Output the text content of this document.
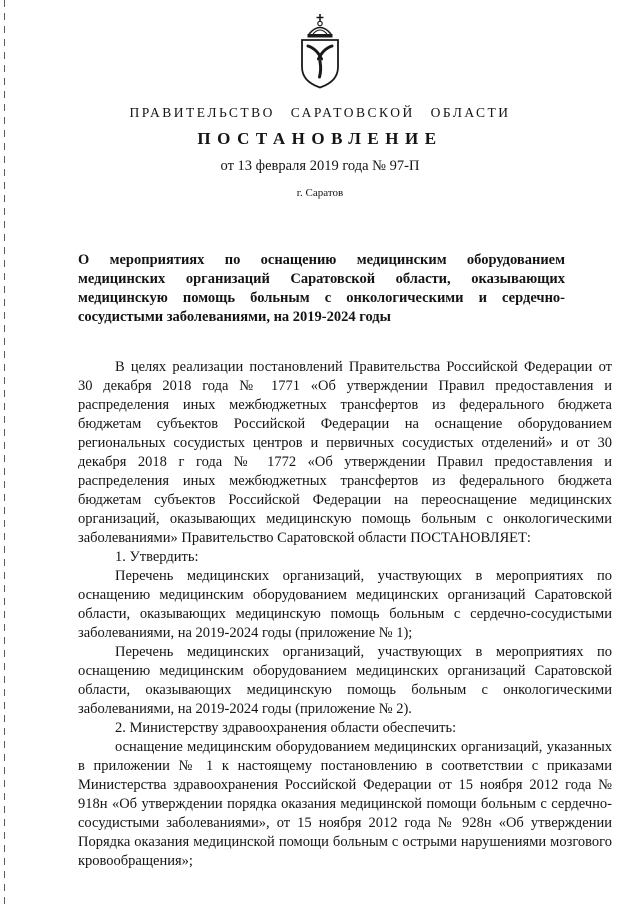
ПРАВИТЕЛЬСТВО САРАТОВСКОЙ ОБЛАСТИ
ПОСТАНОВЛЕНИЕ
от 13 февраля 2019 года № 97-П
г. Саратов
О мероприятиях по оснащению медицинским оборудованием медицинских организаций Саратовской области, оказывающих медицинскую помощь больным с онкологическими и сердечно-сосудистыми заболеваниями, на 2019-2024 годы

В целях реализации постановлений Правительства Российской Федерации от 30 декабря 2018 года № 1771 «Об утверждении Правил предоставления и распределения иных межбюджетных трансфертов из федерального бюджета бюджетам субъектов Российской Федерации на оснащение оборудованием региональных сосудистых центров и первичных сосудистых отделений» и от 30 декабря 2018 г года № 1772 «Об утверждении Правил предоставления и распределения иных межбюджетных трансфертов из федерального бюджета бюджетам субъектов Российской Федерации на переоснащение медицинских организаций, оказывающих медицинскую помощь больным с онкологическими заболеваниями» Правительство Саратовской области ПОСТАНОВЛЯЕТ:

1. Утвердить:

Перечень медицинских организаций, участвующих в мероприятиях по оснащению медицинским оборудованием медицинских организаций Саратовской области, оказывающих медицинскую помощь больным с сердечно-сосудистыми заболеваниями, на 2019-2024 годы (приложение № 1);

Перечень медицинских организаций, участвующих в мероприятиях по оснащению медицинским оборудованием медицинских организаций Саратовской области, оказывающих медицинскую помощь больным с онкологическими заболеваниями, на 2019-2024 годы (приложение № 2).

2. Министерству здравоохранения области обеспечить:

оснащение медицинским оборудованием медицинских организаций, указанных в приложении № 1 к настоящему постановлению в соответствии с приказами Министерства здравоохранения Российской Федерации от 15 ноября 2012 года № 918н «Об утверждении порядка оказания медицинской помощи больным с сердечно-сосудистыми заболеваниями», от 15 ноября 2012 года № 928н «Об утверждении Порядка оказания медицинской помощи больным с острыми нарушениями мозгового кровообращения»;
